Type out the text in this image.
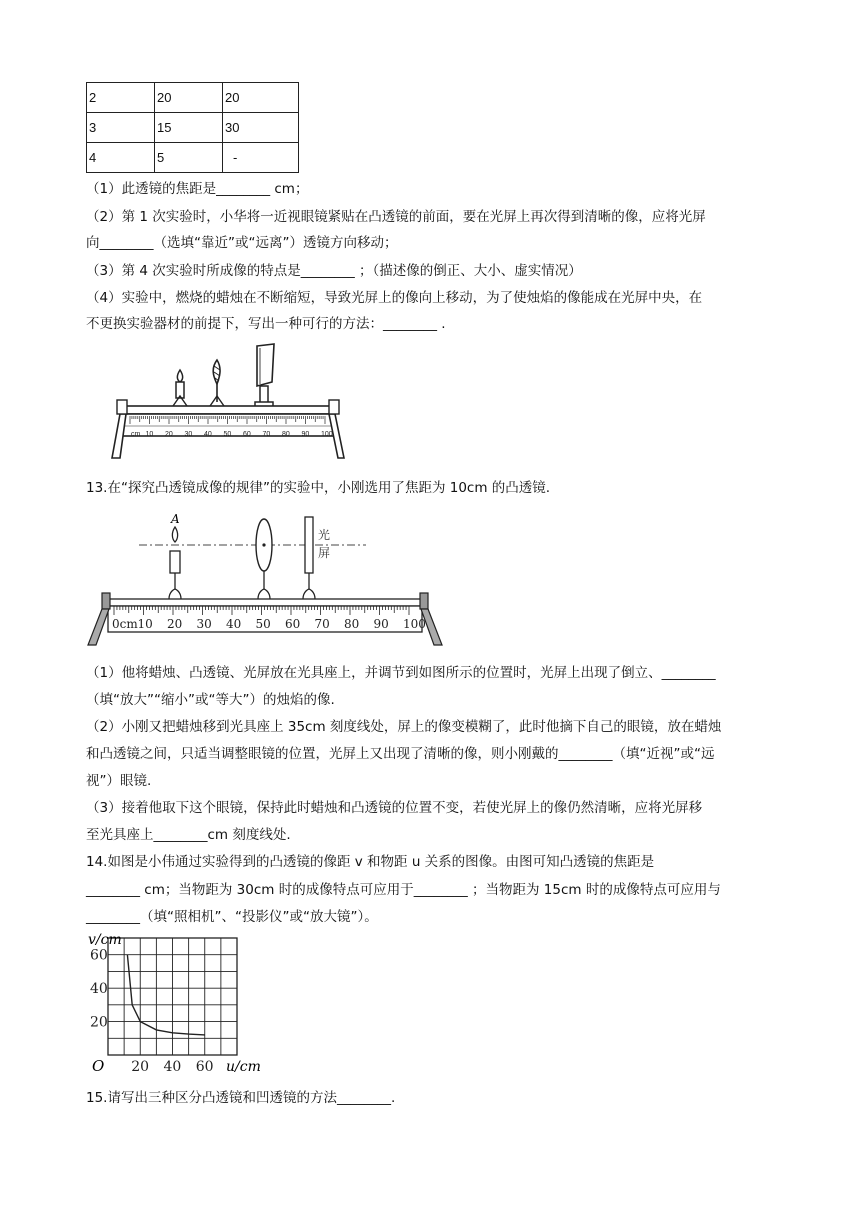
2	20	20
3	15	30
4	5	-
（1）此透镜的焦距是________ cm；
（2）第 1 次实验时，小华将一近视眼镜紧贴在凸透镜的前面，要在光屏上再次得到清晰的像，应将光屏
向________（选填“靠近”或“远离”）透镜方向移动；
（3）第 4 次实验时所成像的特点是________ ；（描述像的倒正、大小、虚实情况）
（4）实验中，燃烧的蜡烛在不断缩短，导致光屏上的像向上移动，为了使烛焰的像能成在光屏中央，在
不更换实验器材的前提下，写出一种可行的方法：________ .
cm 10 20 30 40 50 60 70 80 90 100
13.在“探究凸透镜成像的规律”的实验中，小刚选用了焦距为 10cm 的凸透镜.
A
光
屏
0cm 10 20 30 40 50 60 70 80 90 100
（1）他将蜡烛、凸透镜、光屏放在光具座上，并调节到如图所示的位置时，光屏上出现了倒立、________
（填“放大”“缩小”或“等大”）的烛焰的像.
（2）小刚又把蜡烛移到光具座上 35cm 刻度线处，屏上的像变模糊了，此时他摘下自己的眼镜，放在蜡烛
和凸透镜之间，只适当调整眼镜的位置，光屏上又出现了清晰的像，则小刚戴的________（填“近视”或“远
视”）眼镜.
（3）接着他取下这个眼镜，保持此时蜡烛和凸透镜的位置不变，若使光屏上的像仍然清晰，应将光屏移
至光具座上________cm 刻度线处.
14.如图是小伟通过实验得到的凸透镜的像距 v 和物距 u 关系的图像。由图可知凸透镜的焦距是
________ cm；当物距为 30cm 时的成像特点可应用于________ ；当物距为 15cm 时的成像特点可应用与
________（填“照相机”、“投影仪”或“放大镜”）。
20 40 60
20
40
60
v/cm
O	u/cm
15.请写出三种区分凸透镜和凹透镜的方法________.
